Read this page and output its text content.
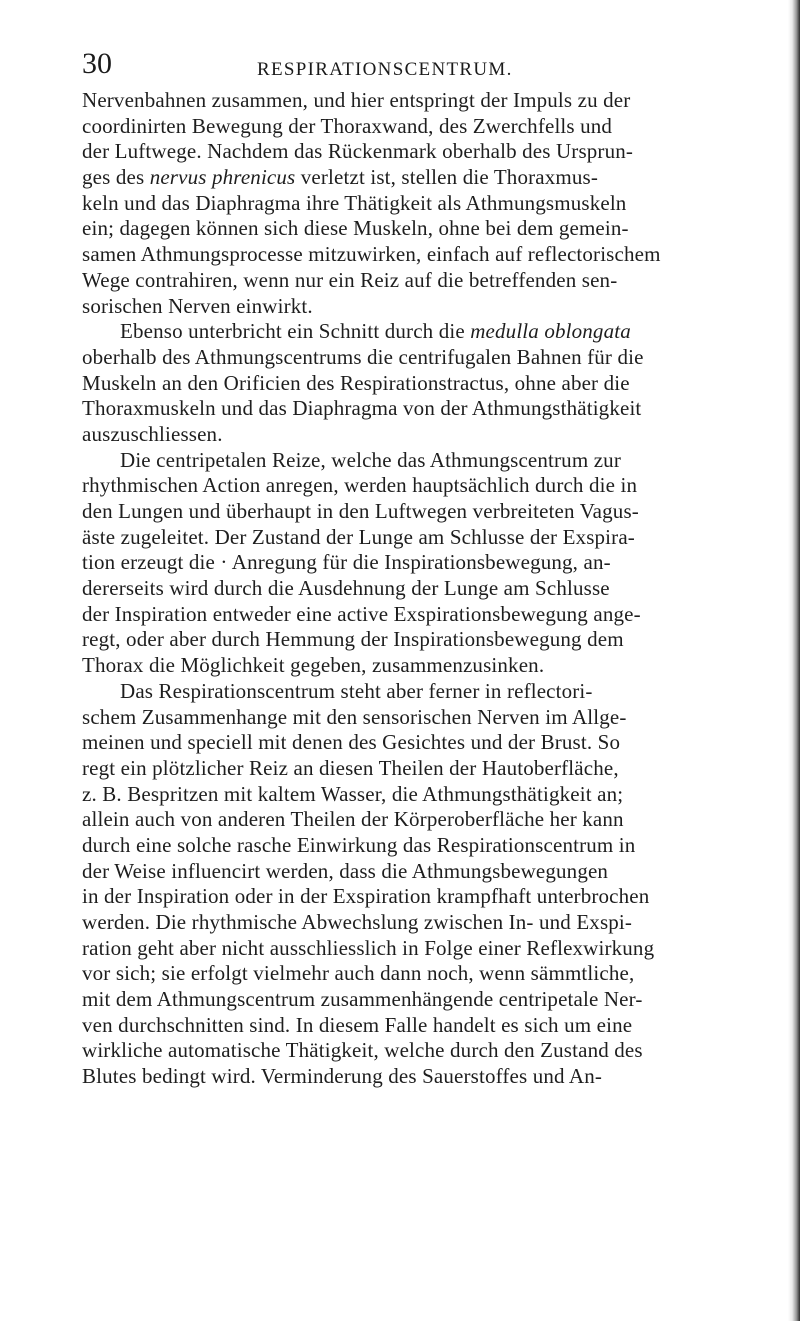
30	RESPIRATIONSCENTRUM.
Nervenbahnen zusammen, und hier entspringt der Impuls zu der
coordinirten Bewegung der Thoraxwand, des Zwerchfells und
der Luftwege. Nachdem das Rückenmark oberhalb des Ursprun-
ges des nervus phrenicus verletzt ist, stellen die Thoraxmus-
keln und das Diaphragma ihre Thätigkeit als Athmungsmuskeln
ein; dagegen können sich diese Muskeln, ohne bei dem gemein-
samen Athmungsprocesse mitzuwirken, einfach auf reflectorischem
Wege contrahiren, wenn nur ein Reiz auf die betreffenden sen-
sorischen Nerven einwirkt.
Ebenso unterbricht ein Schnitt durch die medulla oblongata
oberhalb des Athmungscentrums die centrifugalen Bahnen für die
Muskeln an den Orificien des Respirationstractus, ohne aber die
Thoraxmuskeln und das Diaphragma von der Athmungsthätigkeit
auszuschliessen.
Die centripetalen Reize, welche das Athmungscentrum zur
rhythmischen Action anregen, werden hauptsächlich durch die in
den Lungen und überhaupt in den Luftwegen verbreiteten Vagus-
äste zugeleitet. Der Zustand der Lunge am Schlusse der Exspira-
tion erzeugt die · Anregung für die Inspirationsbewegung, an-
dererseits wird durch die Ausdehnung der Lunge am Schlusse
der Inspiration entweder eine active Exspirationsbewegung ange-
regt, oder aber durch Hemmung der Inspirationsbewegung dem
Thorax die Möglichkeit gegeben, zusammenzusinken.
Das Respirationscentrum steht aber ferner in reflectori-
schem Zusammenhange mit den sensorischen Nerven im Allge-
meinen und speciell mit denen des Gesichtes und der Brust. So
regt ein plötzlicher Reiz an diesen Theilen der Hautoberfläche,
z. B. Bespritzen mit kaltem Wasser, die Athmungsthätigkeit an;
allein auch von anderen Theilen der Körperoberfläche her kann
durch eine solche rasche Einwirkung das Respirationscentrum in
der Weise influencirt werden, dass die Athmungsbewegungen
in der Inspiration oder in der Exspiration krampfhaft unterbrochen
werden. Die rhythmische Abwechslung zwischen In- und Exspi-
ration geht aber nicht ausschliesslich in Folge einer Reflexwirkung
vor sich; sie erfolgt vielmehr auch dann noch, wenn sämmtliche,
mit dem Athmungscentrum zusammenhängende centripetale Ner-
ven durchschnitten sind. In diesem Falle handelt es sich um eine
wirkliche automatische Thätigkeit, welche durch den Zustand des
Blutes bedingt wird. Verminderung des Sauerstoffes und An-
